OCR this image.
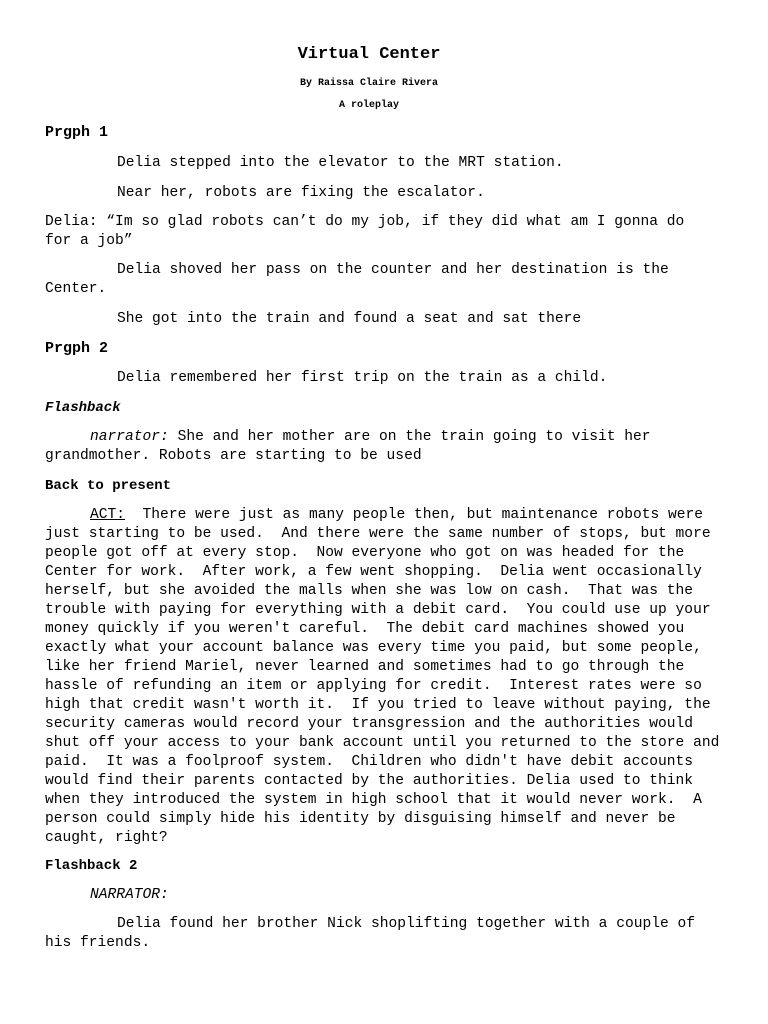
Virtual Center
By Raissa Claire Rivera
A roleplay
Prgph 1
Delia stepped into the elevator to the MRT station.
Near her, robots are fixing the escalator.
Delia: “Im so glad robots can’t do my job, if they did what am I gonna do for a job”
Delia shoved her pass on the counter and her destination is the Center.
She got into the train and found a seat and sat there
Prgph 2
Delia remembered her first trip on the train as a child.
Flashback
narrator: She and her mother are on the train going to visit her grandmother. Robots are starting to be used
Back to present
ACT:  There were just as many people then, but maintenance robots were just starting to be used.  And there were the same number of stops, but more people got off at every stop.  Now everyone who got on was headed for the Center for work.  After work, a few went shopping.  Delia went occasionally herself, but she avoided the malls when she was low on cash.  That was the trouble with paying for everything with a debit card.  You could use up your money quickly if you weren't careful.  The debit card machines showed you exactly what your account balance was every time you paid, but some people, like her friend Mariel, never learned and sometimes had to go through the hassle of refunding an item or applying for credit.  Interest rates were so high that credit wasn't worth it.  If you tried to leave without paying, the security cameras would record your transgression and the authorities would shut off your access to your bank account until you returned to the store and paid.  It was a foolproof system.  Children who didn't have debit accounts would find their parents contacted by the authorities. Delia used to think when they introduced the system in high school that it would never work.  A person could simply hide his identity by disguising himself and never be caught, right?
Flashback 2
NARRATOR:
Delia found her brother Nick shoplifting together with a couple of his friends.
